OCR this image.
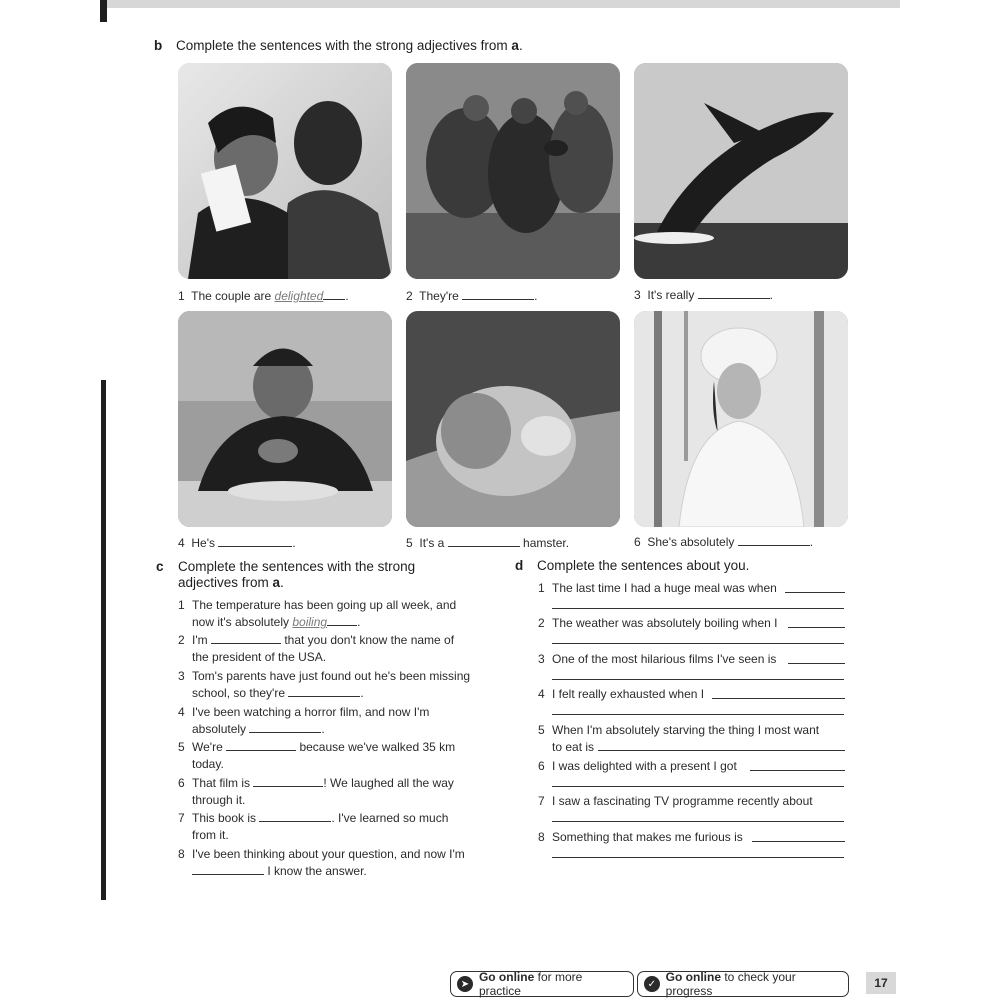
b Complete the sentences with the strong adjectives from a.
1 The couple are delighted .	2 They're	.	3 It's really	.
4 He's	.	5 It's a	hamster.	6 She's absolutely	.
c Complete the sentences with the strong
adjectives from a.
1 The temperature has been going up all week, and
now it's absolutely boiling	.
2 I'm	that you don't know the name of
the president of the USA.
3 Tom's parents have just found out he's been missing
school, so they're	.
4 I've been watching a horror film, and now I'm
absolutely	.
5 We're	because we've walked 35 km
today.
6 That film is	! We laughed all the way
through it.
7 This book is	. I've learned so much
from it.
8 I've been thinking about your question, and now I'm
I know the answer.
d Complete the sentences about you.
1 The last time I had a huge meal was when
2 The weather was absolutely boiling when I
3 One of the most hilarious films I've seen is
4 I felt really exhausted when I
5 When I'm absolutely starving the thing I most want
to eat is
6 I was delighted with a present I got
7 I saw a fascinating TV programme recently about
8 Something that makes me furious is
➤ Go online for more practice	✓ Go online to check your progress
17
